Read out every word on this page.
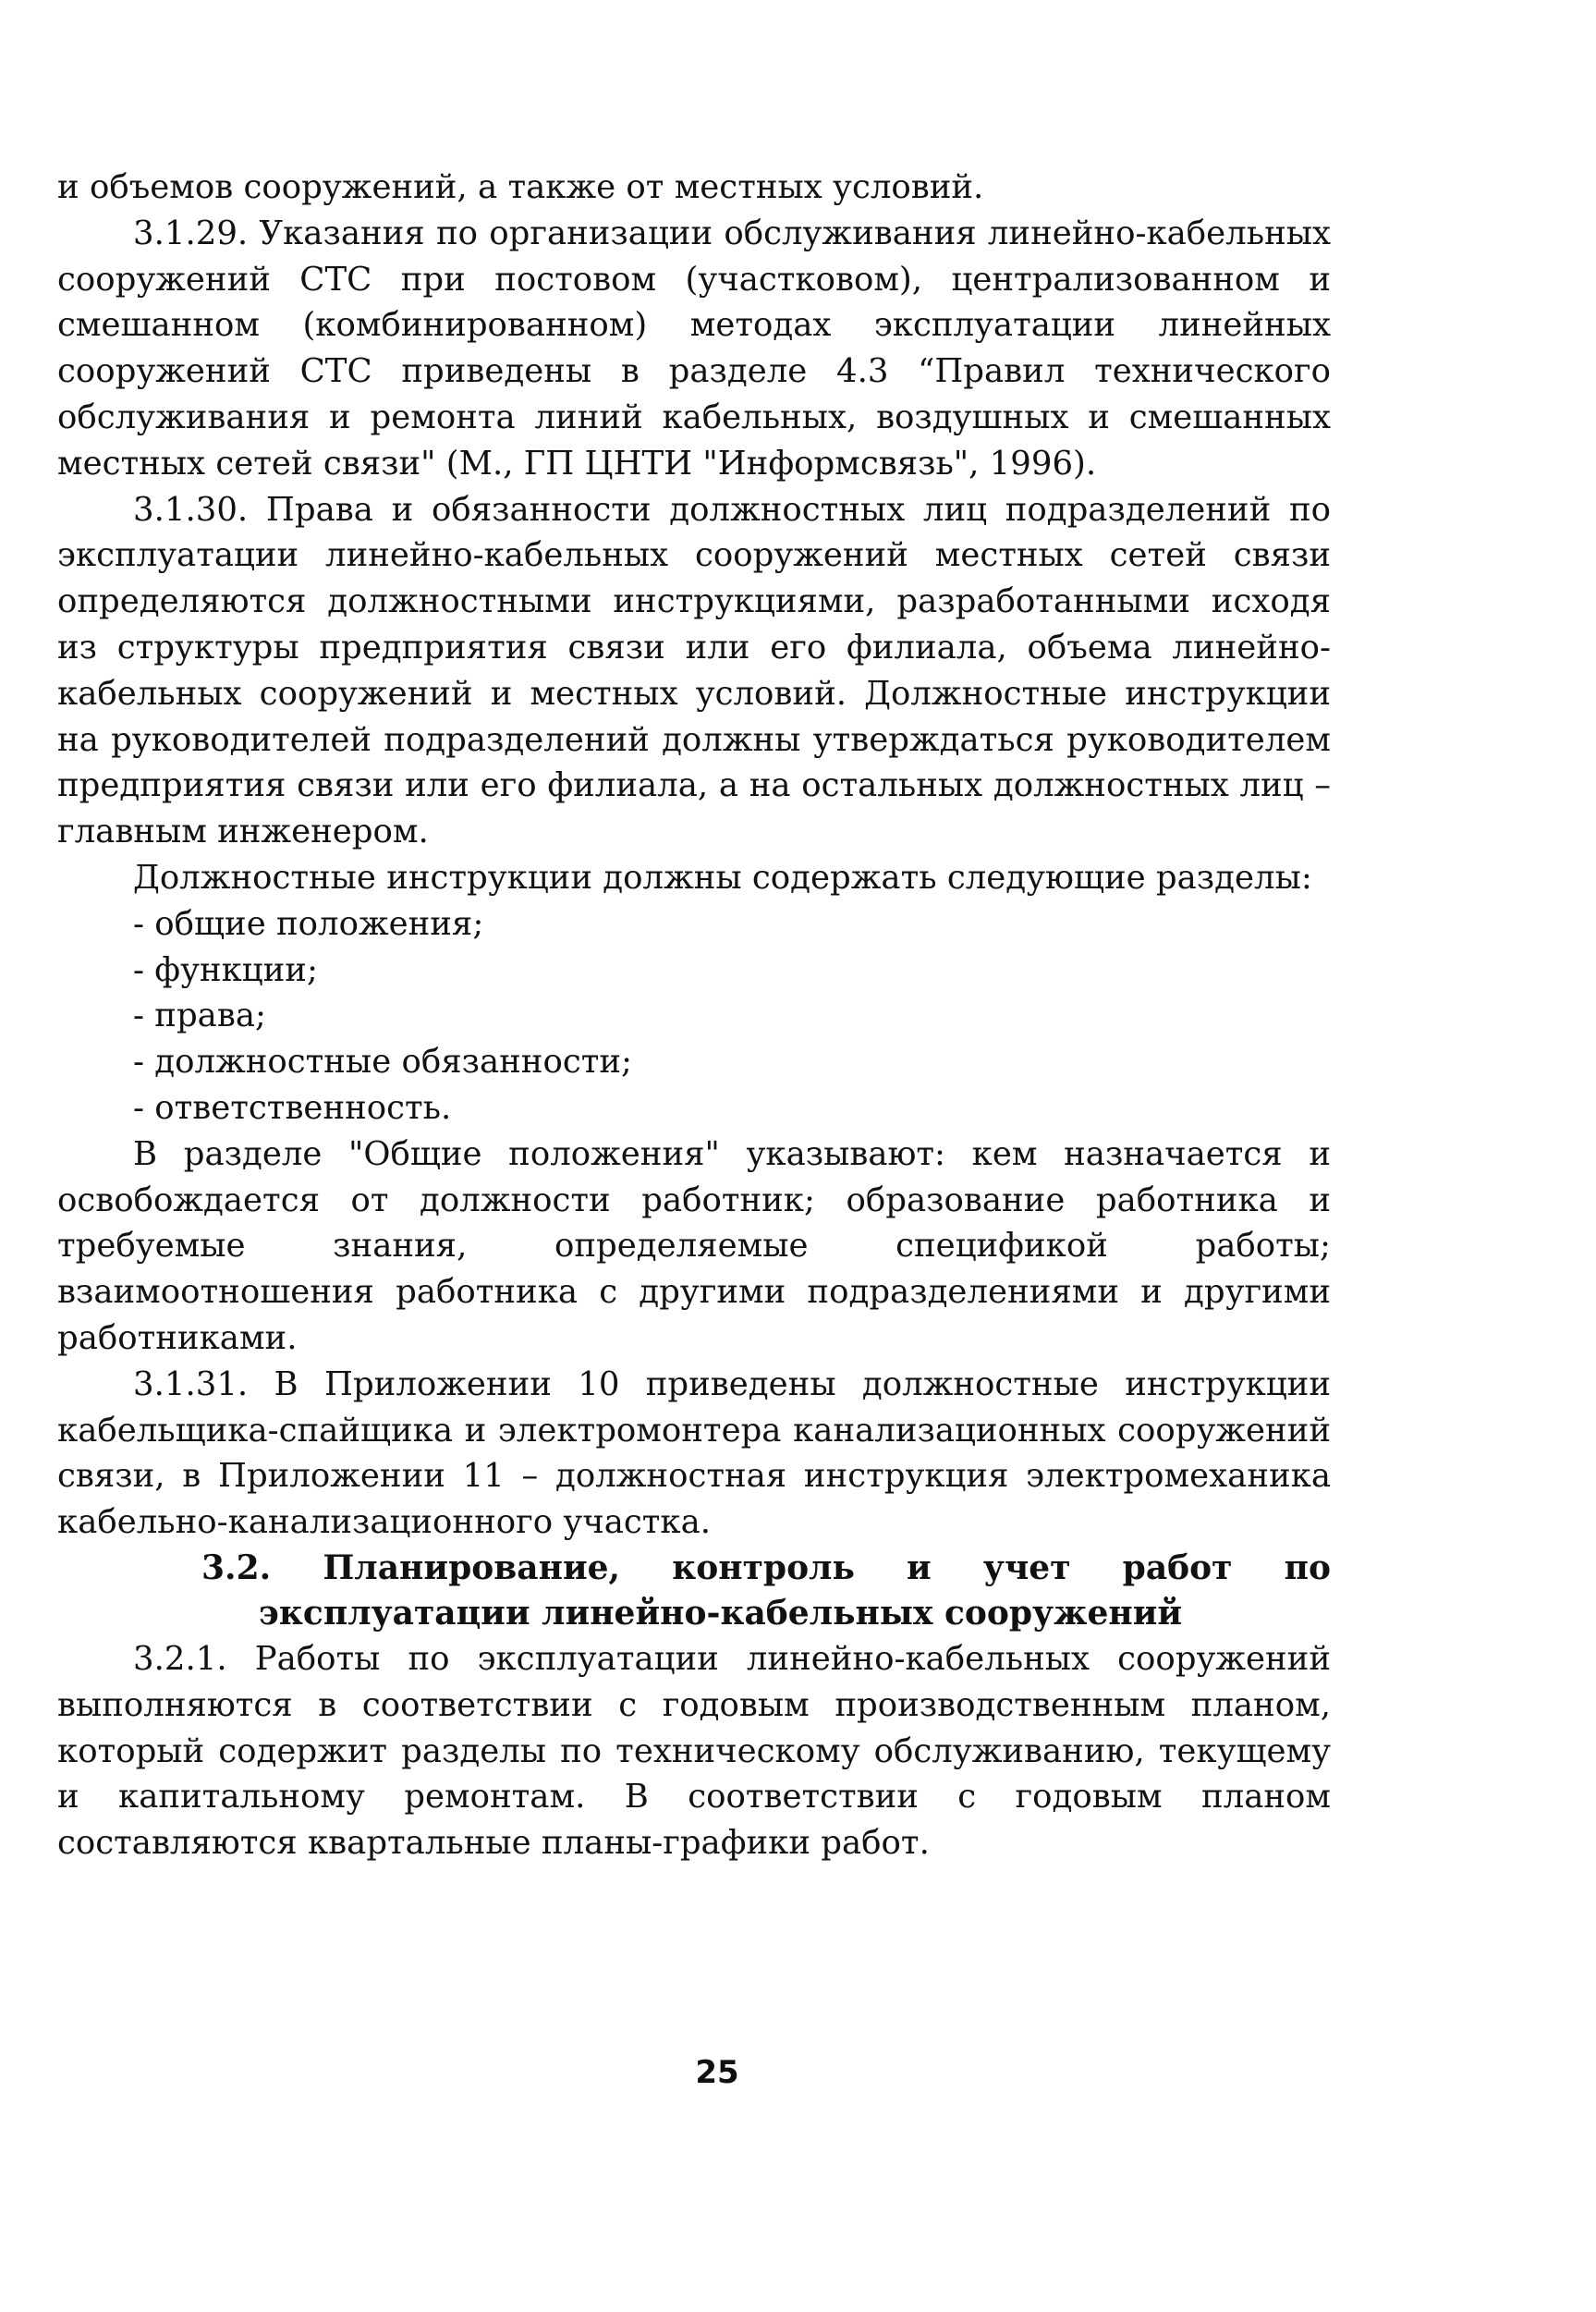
и объемов сооружений, а также от местных условий.

3.1.29. Указания по организации обслуживания линейно-кабельных сооружений СТС при постовом (участковом), централизованном и смешанном (комбинированном) методах эксплуатации линейных сооружений СТС приведены в разделе 4.3 “Правил технического обслуживания и ремонта линий кабельных, воздушных и смешанных местных сетей связи" (М., ГП ЦНТИ "Информсвязь", 1996).

3.1.30. Права и обязанности должностных лиц подразделений по эксплуатации линейно-кабельных сооружений местных сетей связи определяются должностными инструкциями, разработанными исходя из структуры предприятия связи или его филиала, объема линейно-кабельных сооружений и местных условий. Должностные инструкции на руководителей подразделений должны утверждаться руководителем предприятия связи или его филиала, а на остальных должностных лиц – главным инженером.

Должностные инструкции должны содержать следующие разделы:

- общие положения;
- функции;
- права;
- должностные обязанности;
- ответственность.

В разделе "Общие положения" указывают: кем назначается и освобождается от должности работник; образование работника и требуемые знания, определяемые спецификой работы; взаимоотношения работника с другими подразделениями и другими работниками.

3.1.31. В Приложении 10 приведены должностные инструкции кабельщика-спайщика и электромонтера канализационных сооружений связи, в Приложении 11 – должностная инструкция электромеханика кабельно-канализационного участка.

3.2. Планирование, контроль и учет работ по эксплуатации линейно-кабельных сооружений

3.2.1. Работы по эксплуатации линейно-кабельных сооружений выполняются в соответствии с годовым производственным планом, который содержит разделы по техническому обслуживанию, текущему и капитальному ремонтам. В соответствии с годовым планом составляются квартальные планы-графики работ.

25
